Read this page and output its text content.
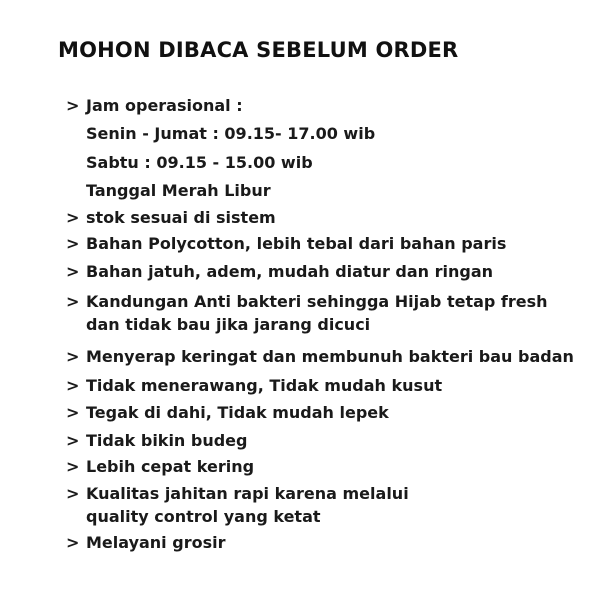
MOHON DIBACA SEBELUM ORDER
> Jam operasional :
Senin - Jumat : 09.15- 17.00 wib
Sabtu : 09.15 - 15.00 wib
Tanggal Merah Libur
> stok sesuai di sistem
> Bahan Polycotton, lebih tebal dari bahan paris
> Bahan jatuh, adem, mudah diatur dan ringan
> Kandungan Anti bakteri sehingga Hijab tetap fresh
dan tidak bau jika jarang dicuci
> Menyerap keringat dan membunuh bakteri bau badan
> Tidak menerawang, Tidak mudah kusut
> Tegak di dahi, Tidak mudah lepek
> Tidak bikin budeg
> Lebih cepat kering
> Kualitas jahitan rapi karena melalui
quality control yang ketat
> Melayani grosir
